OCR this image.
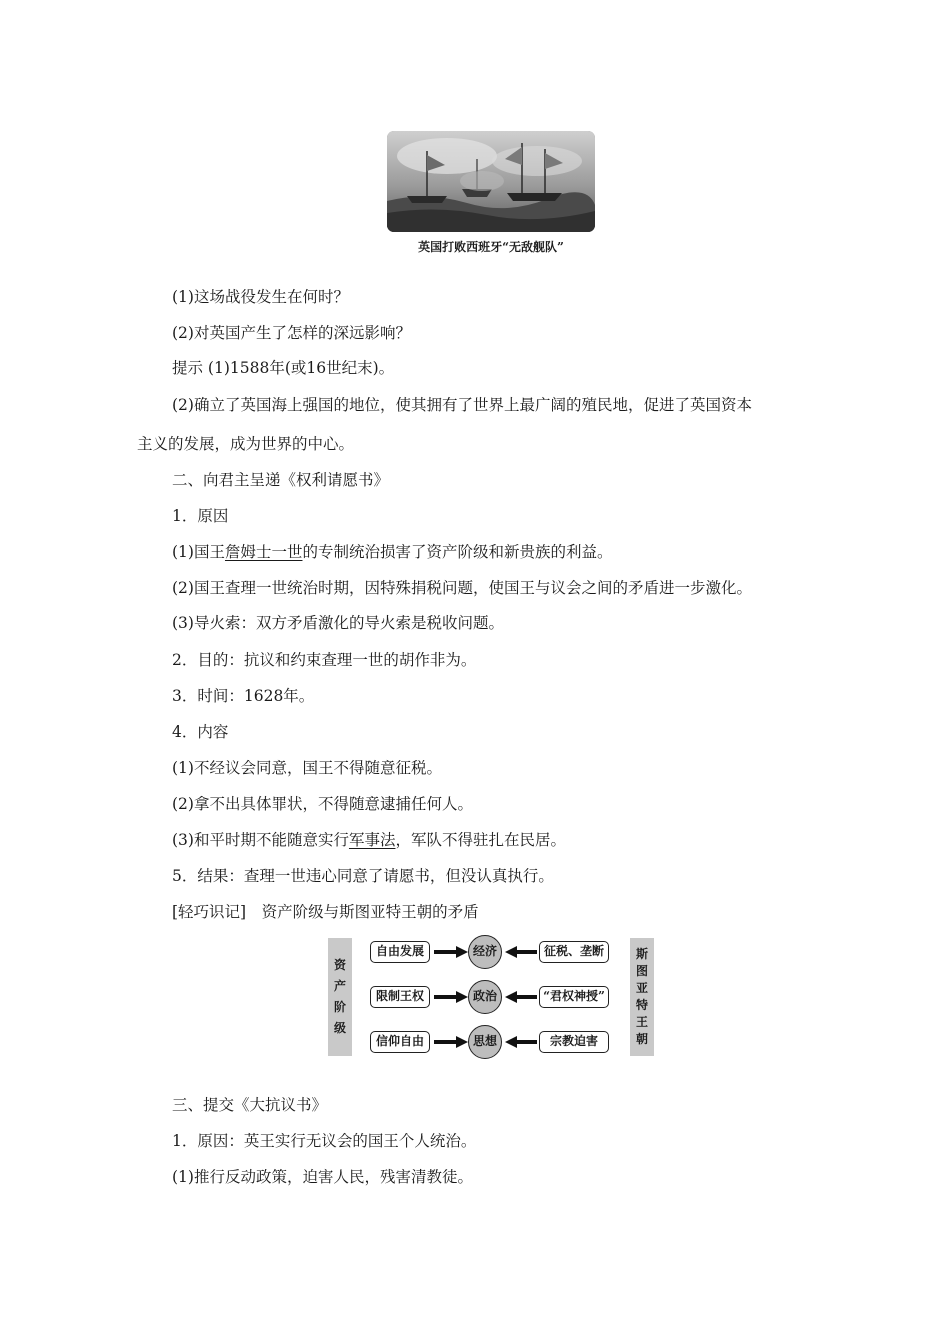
英国打败西班牙“无敌舰队”
(1)这场战役发生在何时？
(2)对英国产生了怎样的深远影响？
提示 (1)1588年(或16世纪末)。
(2)确立了英国海上强国的地位，使其拥有了世界上最广阔的殖民地，促进了英国资本
主义的发展，成为世界的中心。
二、向君主呈递《权利请愿书》
1．原因
(1)国王詹姆士一世的专制统治损害了资产阶级和新贵族的利益。
(2)国王查理一世统治时期，因特殊捐税问题，使国王与议会之间的矛盾进一步激化。
(3)导火索：双方矛盾激化的导火索是税收问题。
2．目的：抗议和约束查理一世的胡作非为。
3．时间：1628年。
4．内容
(1)不经议会同意，国王不得随意征税。
(2)拿不出具体罪状，不得随意逮捕任何人。
(3)和平时期不能随意实行军事法，军队不得驻扎在民居。
5．结果：查理一世违心同意了请愿书，但没认真执行。
[轻巧识记]　资产阶级与斯图亚特王朝的矛盾
资
产
阶
级
斯
图
亚
特
王
朝
自由发展	经济	征税、垄断
限制王权	政治	“君权神授”
信仰自由	思想	宗教迫害
三、提交《大抗议书》
1．原因：英王实行无议会的国王个人统治。
(1)推行反动政策，迫害人民，残害清教徒。
